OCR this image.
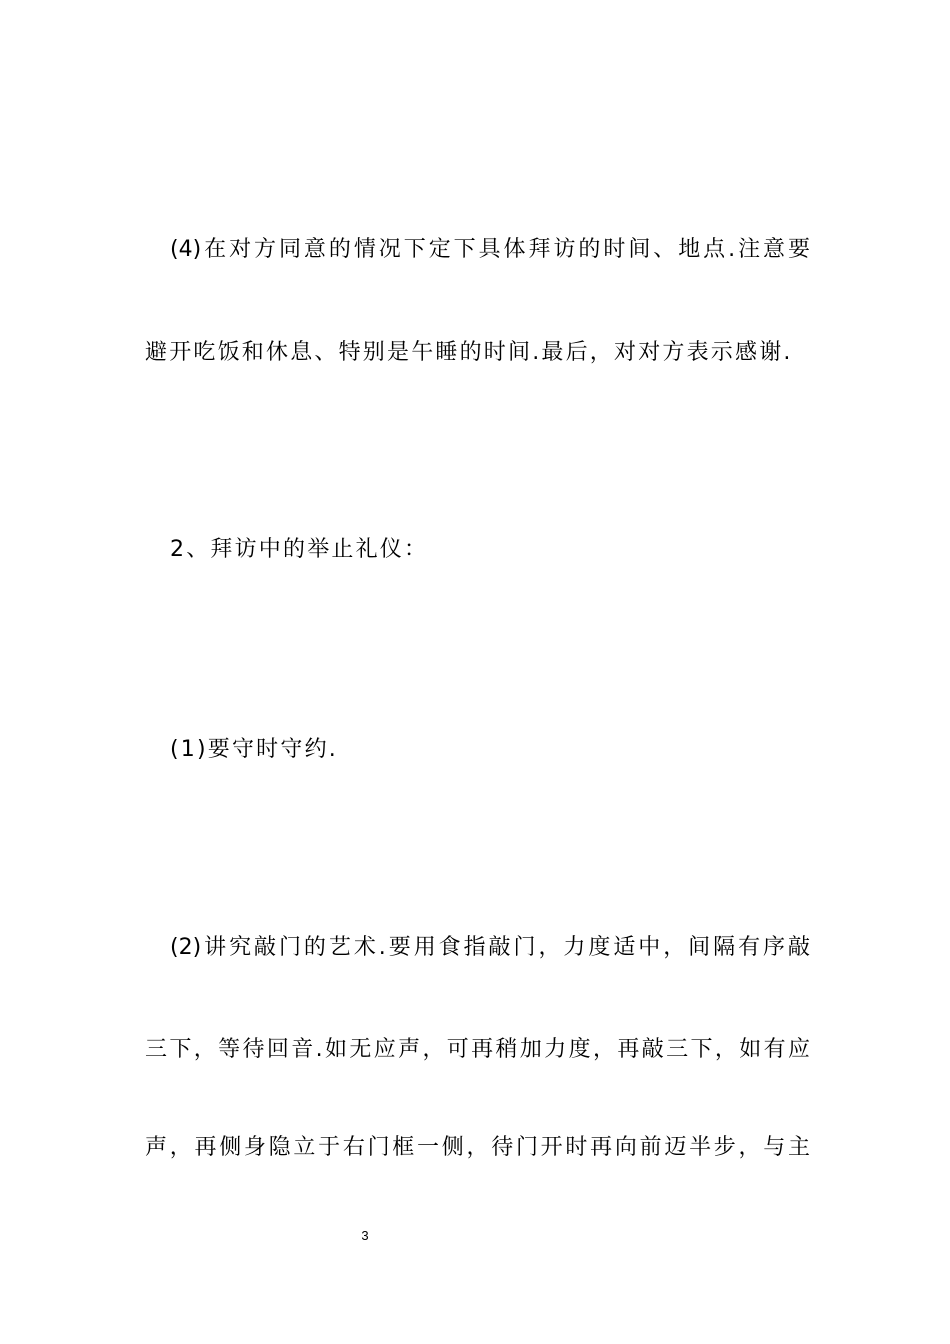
(4)在对方同意的情况下定下具体拜访的时间、地点.注意要
避开吃饭和休息、特别是午睡的时间.最后，对对方表示感谢.
2、拜访中的举止礼仪：
(1)要守时守约.
(2)讲究敲门的艺术.要用食指敲门，力度适中，间隔有序敲
三下，等待回音.如无应声，可再稍加力度，再敲三下，如有应
声，再侧身隐立于右门框一侧，待门开时再向前迈半步，与主
3
